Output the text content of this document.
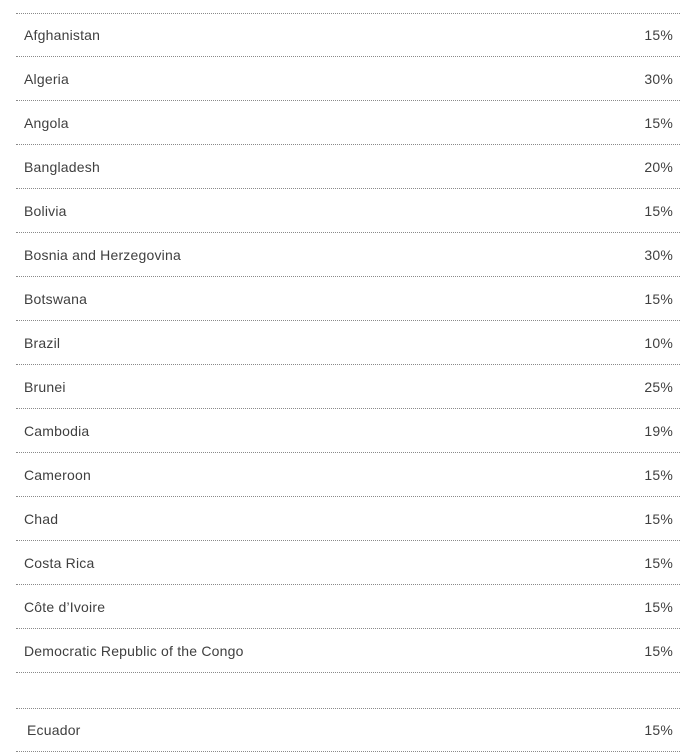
Afghanistan	15%
Algeria	30%
Angola	15%
Bangladesh	20%
Bolivia	15%
Bosnia and Herzegovina	30%
Botswana	15%
Brazil	10%
Brunei	25%
Cambodia	19%
Cameroon	15%
Chad	15%
Costa Rica	15%
Côte d’Ivoire	15%
Democratic Republic of the Congo	15%
Ecuador	15%
